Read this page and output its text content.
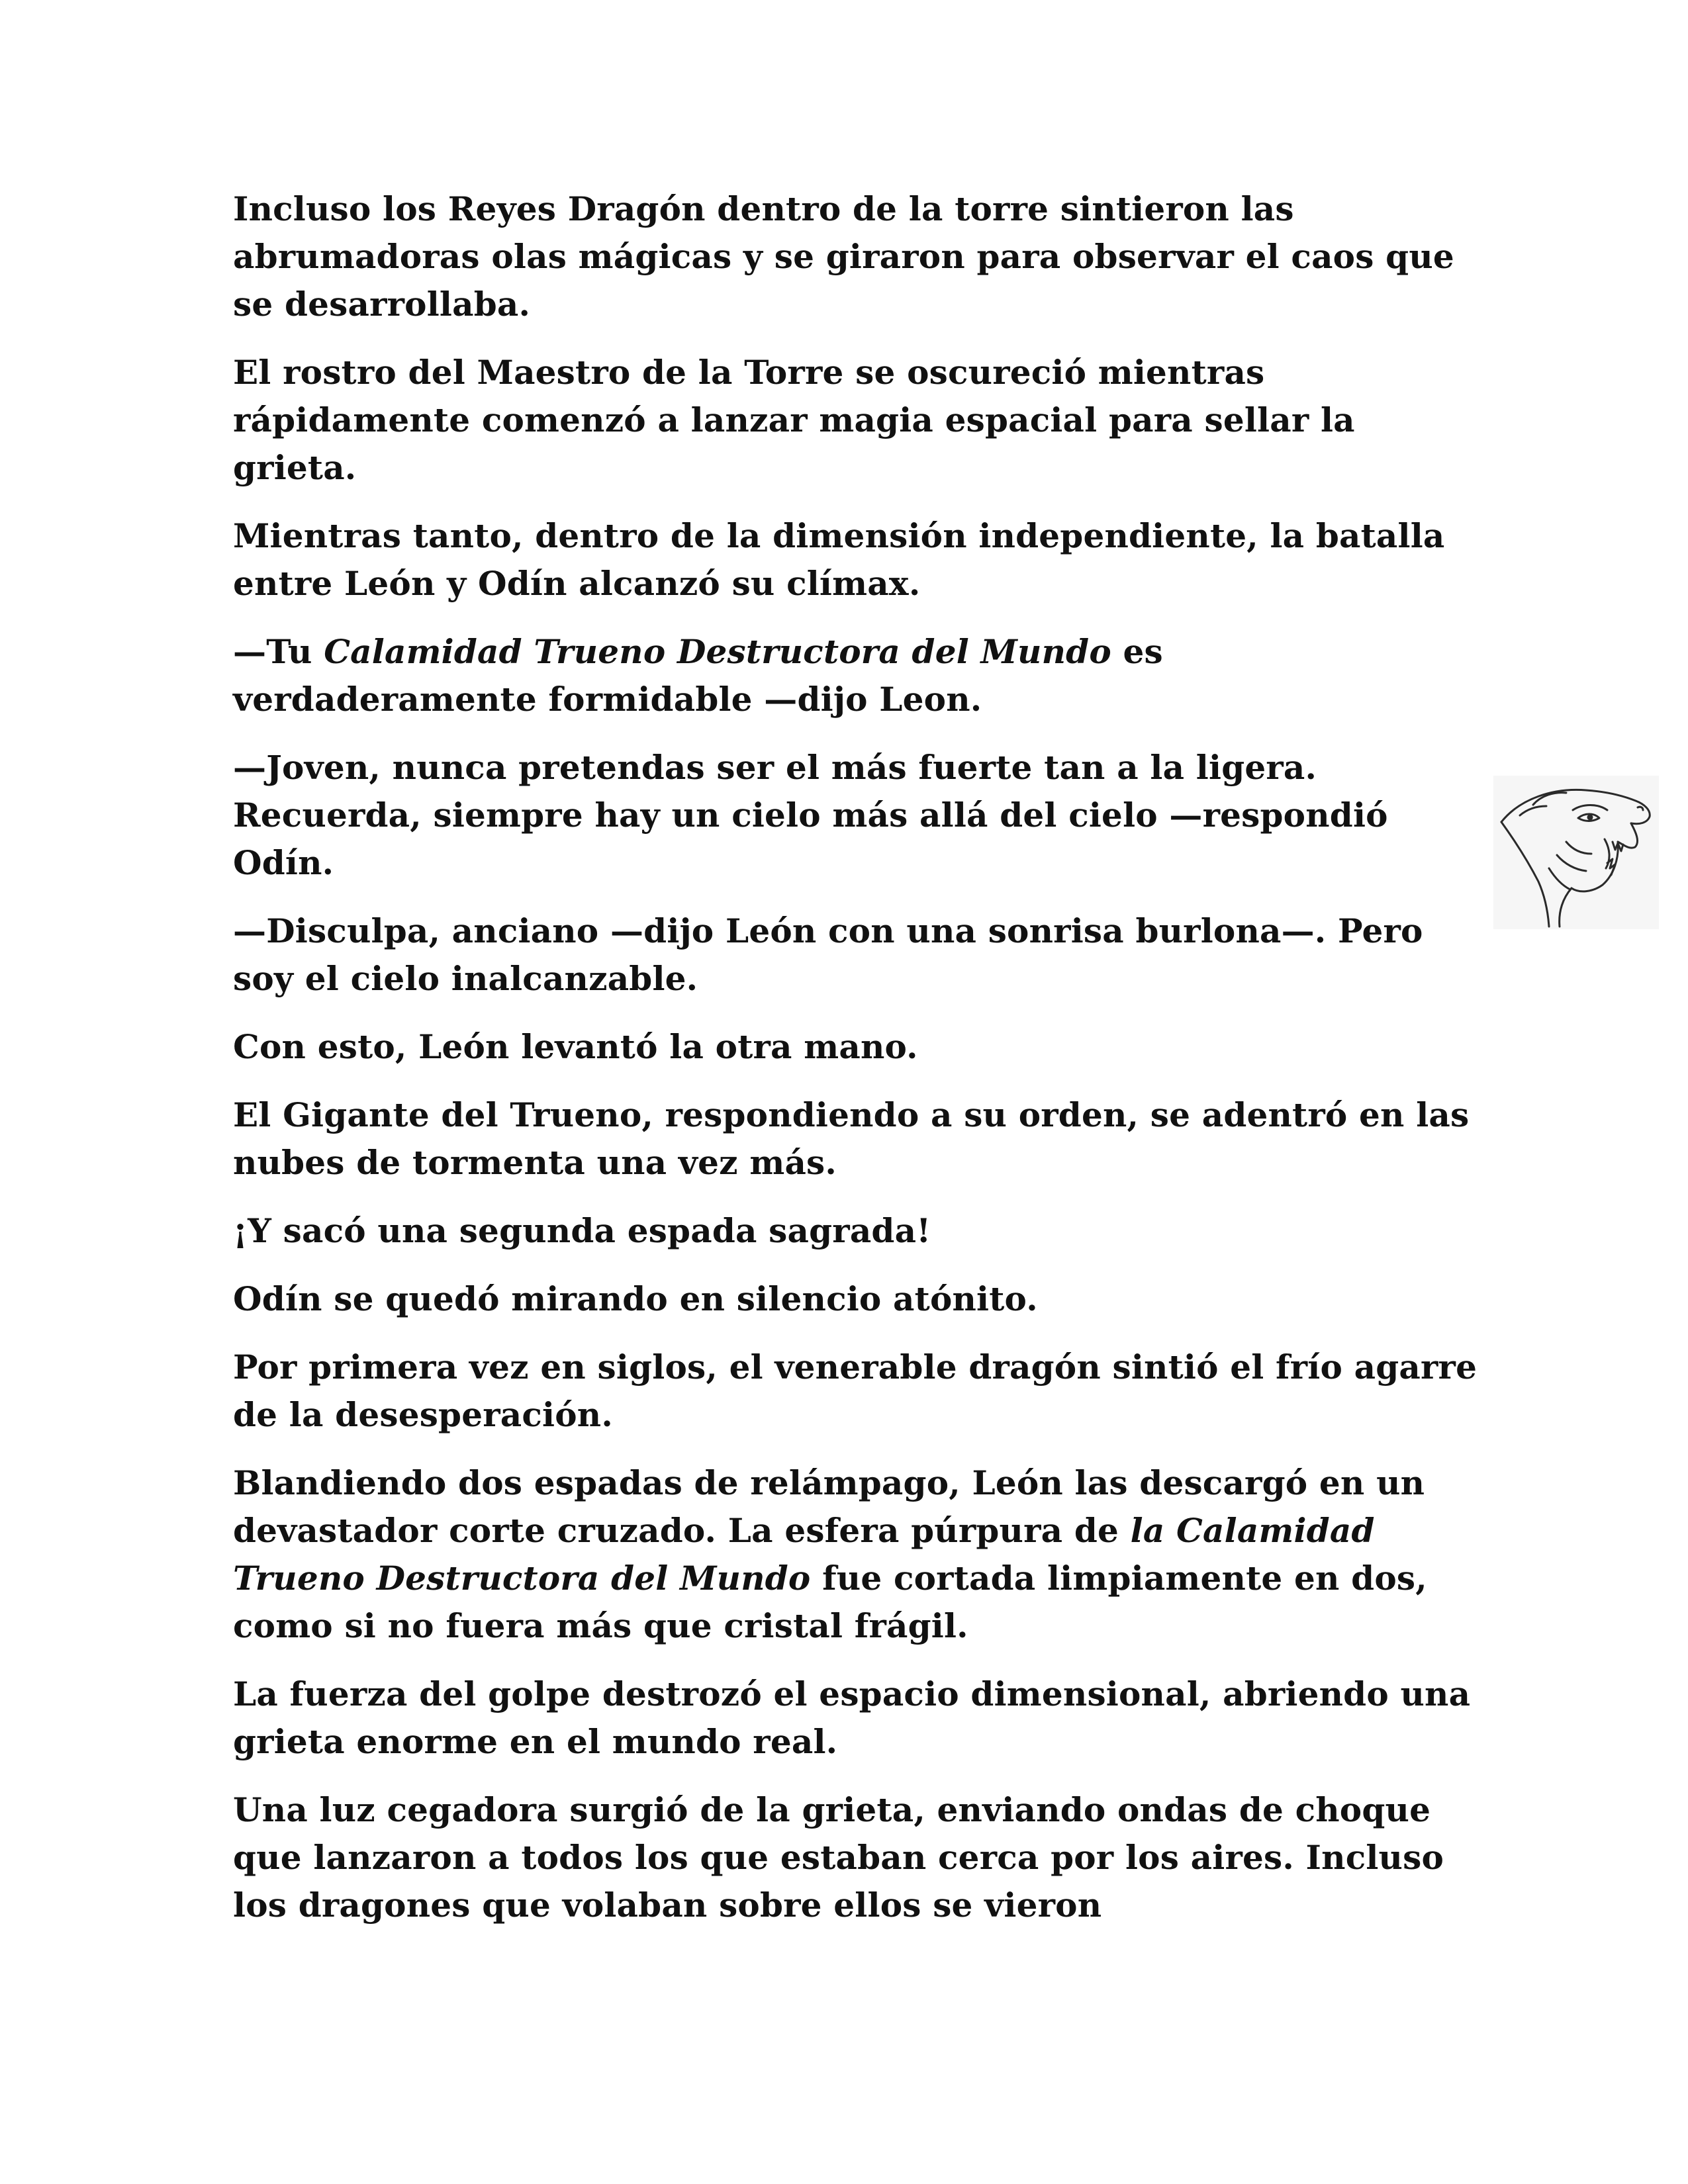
Incluso los Reyes Dragón dentro de la torre sintieron las abrumadoras olas mágicas y se giraron para observar el caos que se desarrollaba.

El rostro del Maestro de la Torre se oscureció mientras rápidamente comenzó a lanzar magia espacial para sellar la grieta.

Mientras tanto, dentro de la dimensión independiente, la batalla entre León y Odín alcanzó su clímax.

—Tu Calamidad Trueno Destructora del Mundo es verdaderamente formidable —dijo Leon.

—Joven, nunca pretendas ser el más fuerte tan a la ligera. Recuerda, siempre hay un cielo más allá del cielo —respondió Odín.

—Disculpa, anciano —dijo León con una sonrisa burlona—. Pero soy el cielo inalcanzable.

Con esto, León levantó la otra mano.

El Gigante del Trueno, respondiendo a su orden, se adentró en las nubes de tormenta una vez más.

¡Y sacó una segunda espada sagrada!

Odín se quedó mirando en silencio atónito.

Por primera vez en siglos, el venerable dragón sintió el frío agarre de la desesperación.

Blandiendo dos espadas de relámpago, León las descargó en un devastador corte cruzado. La esfera púrpura de la Calamidad Trueno Destructora del Mundo fue cortada limpiamente en dos, como si no fuera más que cristal frágil.

La fuerza del golpe destrozó el espacio dimensional, abriendo una grieta enorme en el mundo real.

Una luz cegadora surgió de la grieta, enviando ondas de choque que lanzaron a todos los que estaban cerca por los aires. Incluso los dragones que volaban sobre ellos se vieron
